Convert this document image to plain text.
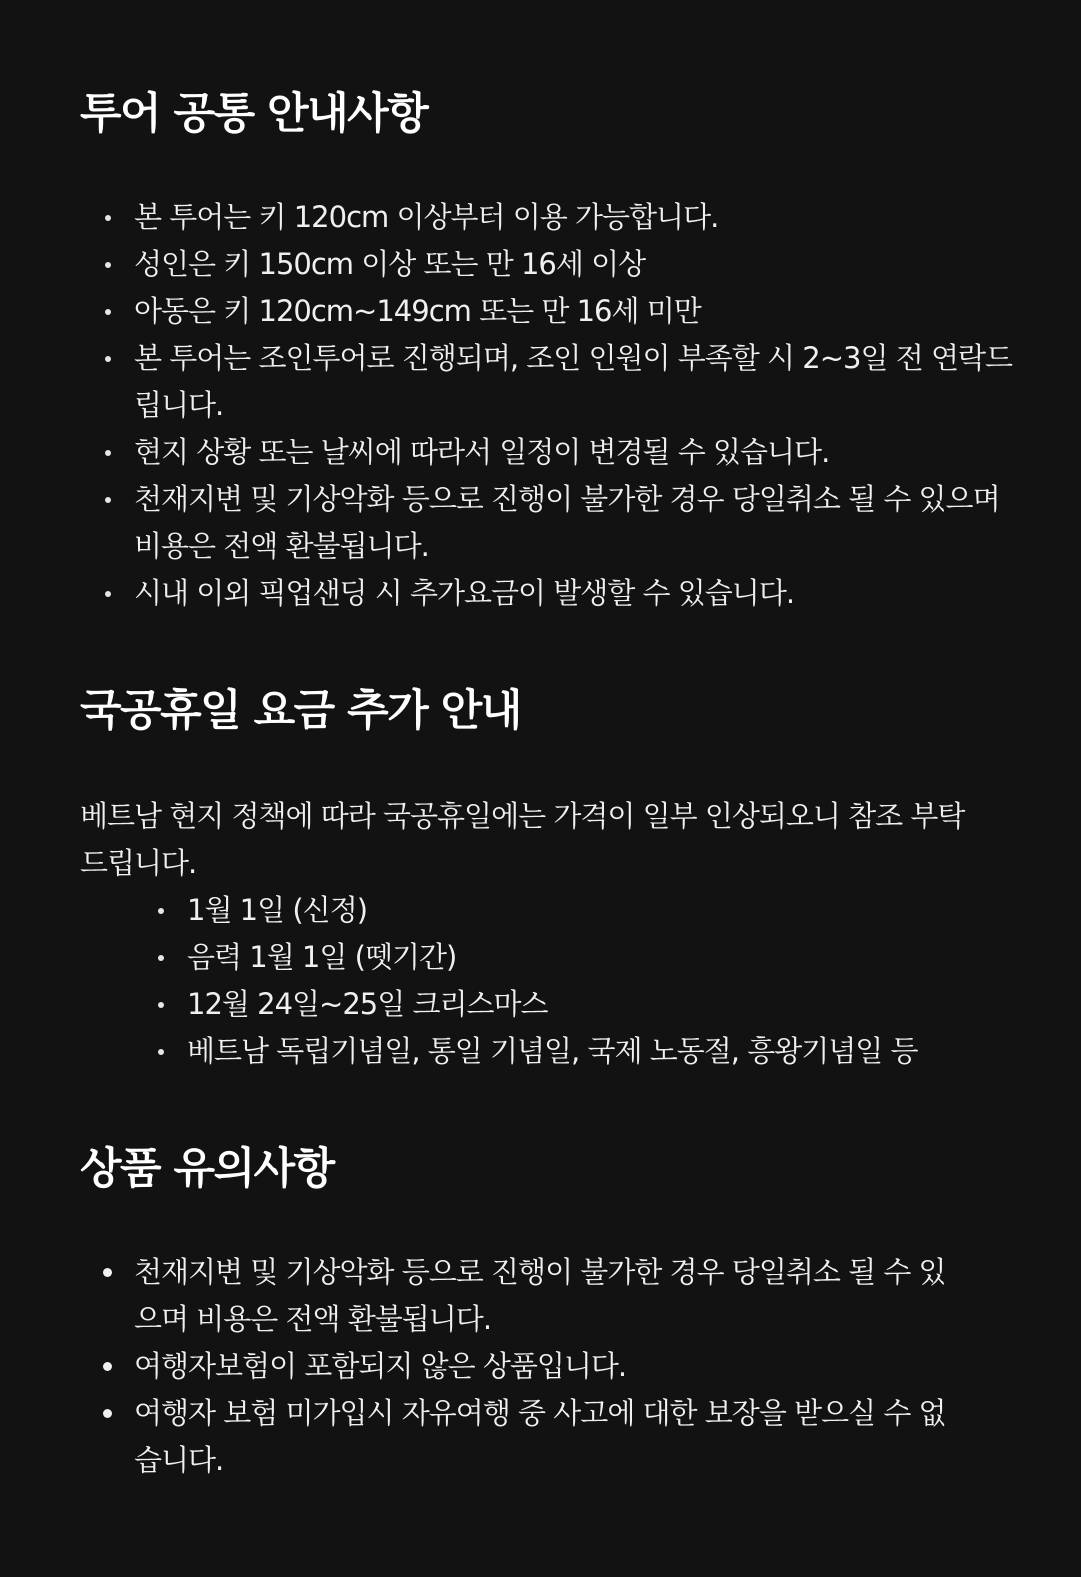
투어 공통 안내사항
본 투어는 키 120cm 이상부터 이용 가능합니다.
성인은 키 150cm 이상 또는 만 16세 이상
아동은 키 120cm~149cm 또는 만 16세 미만
본 투어는 조인투어로 진행되며, 조인 인원이 부족할 시 2~3일 전 연락드립니다.
현지 상황 또는 날씨에 따라서 일정이 변경될 수 있습니다.
천재지변 및 기상악화 등으로 진행이 불가한 경우 당일취소 될 수 있으며 비용은 전액 환불됩니다.
시내 이외 픽업샌딩 시 추가요금이 발생할 수 있습니다.
국공휴일 요금 추가 안내

베트남 현지 정책에 따라 국공휴일에는 가격이 일부 인상되오니 참조 부탁드립니다.

1월 1일 (신정)
음력 1월 1일 (뗏기간)
12월 24일~25일 크리스마스
베트남 독립기념일, 통일 기념일, 국제 노동절, 흥왕기념일 등
상품 유의사항
천재지변 및 기상악화 등으로 진행이 불가한 경우 당일취소 될 수 있으며 비용은 전액 환불됩니다.
여행자보험이 포함되지 않은 상품입니다.
여행자 보험 미가입시 자유여행 중 사고에 대한 보장을 받으실 수 없습니다.
